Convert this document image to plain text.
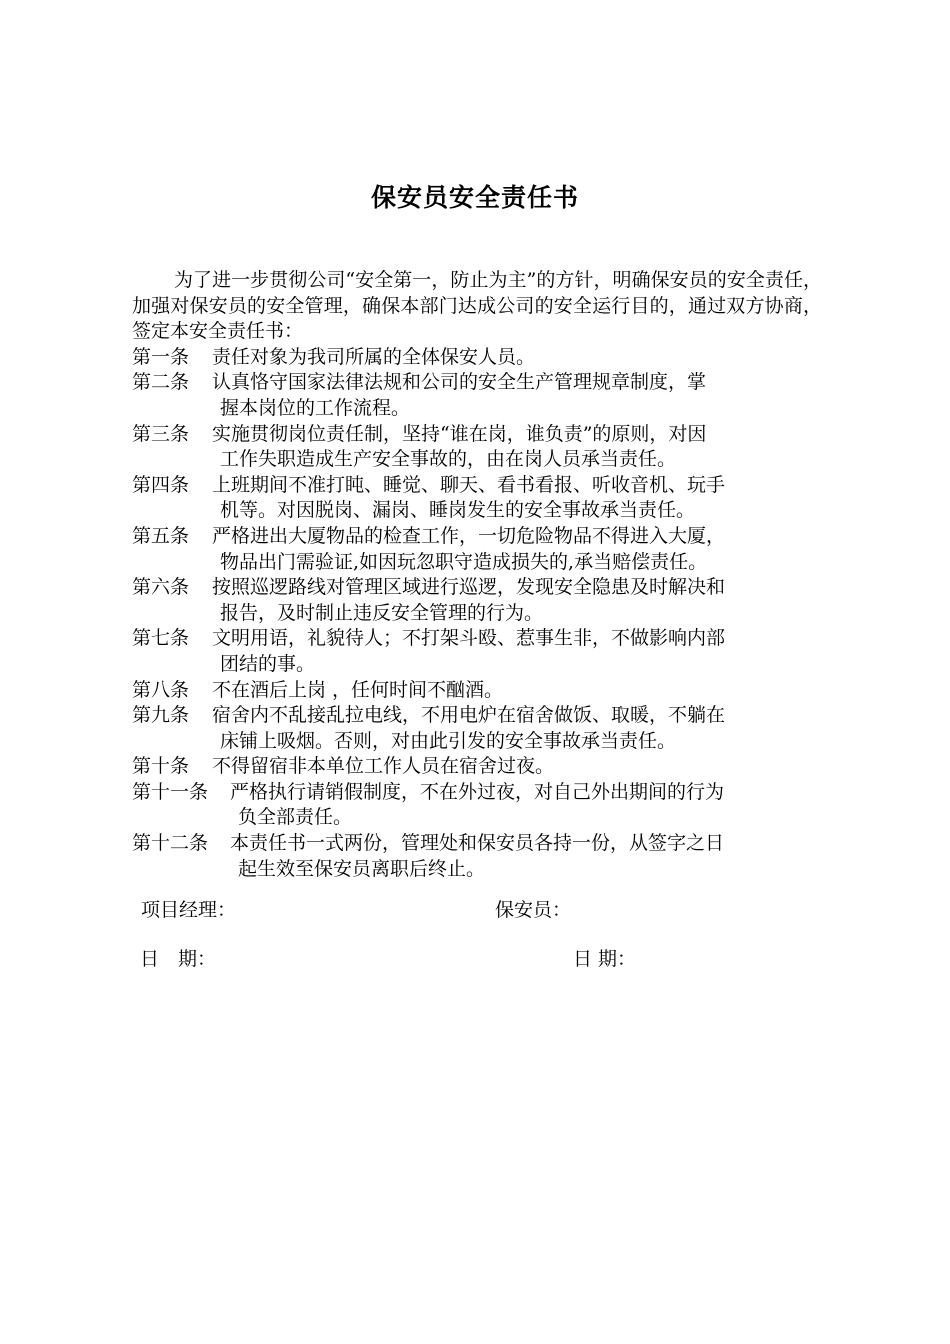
保安员安全责任书

为了进一步贯彻公司“安全第一，防止为主”的方针，明确保安员的安全责任，加强对保安员的安全管理，确保本部门达成公司的安全运行目的，通过双方协商，签定本安全责任书：

第一条	责任对象为我司所属的全体保安人员。
第二条	认真恪守国家法律法规和公司的安全生产管理规章制度，掌
握本岗位的工作流程。
第三条	实施贯彻岗位责任制，坚持“谁在岗，谁负责”的原则，对因
工作失职造成生产安全事故的，由在岗人员承当责任。
第四条	上班期间不准打盹、睡觉、聊天、看书看报、听收音机、玩手
机等。对因脱岗、漏岗、睡岗发生的安全事故承当责任。
第五条	严格进出大厦物品的检查工作，一切危险物品不得进入大厦，
物品出门需验证,如因玩忽职守造成损失的,承当赔偿责任。
第六条	按照巡逻路线对管理区域进行巡逻，发现安全隐患及时解决和
报告，及时制止违反安全管理的行为。
第七条	文明用语，礼貌待人；不打架斗殴、惹事生非，不做影响内部
团结的事。
第八条	不在酒后上岗 ，任何时间不酗酒。
第九条	宿舍内不乱接乱拉电线，不用电炉在宿舍做饭、取暖，不躺在
床铺上吸烟。否则，对由此引发的安全事故承当责任。
第十条	不得留宿非本单位工作人员在宿舍过夜。
第十一条	严格执行请销假制度，不在外过夜，对自己外出期间的行为
负全部责任。
第十二条	本责任书一式两份，管理处和保安员各持一份，从签字之日
起生效至保安员离职后终止。
项目经理：	保安员：
日　期：	日 期：
